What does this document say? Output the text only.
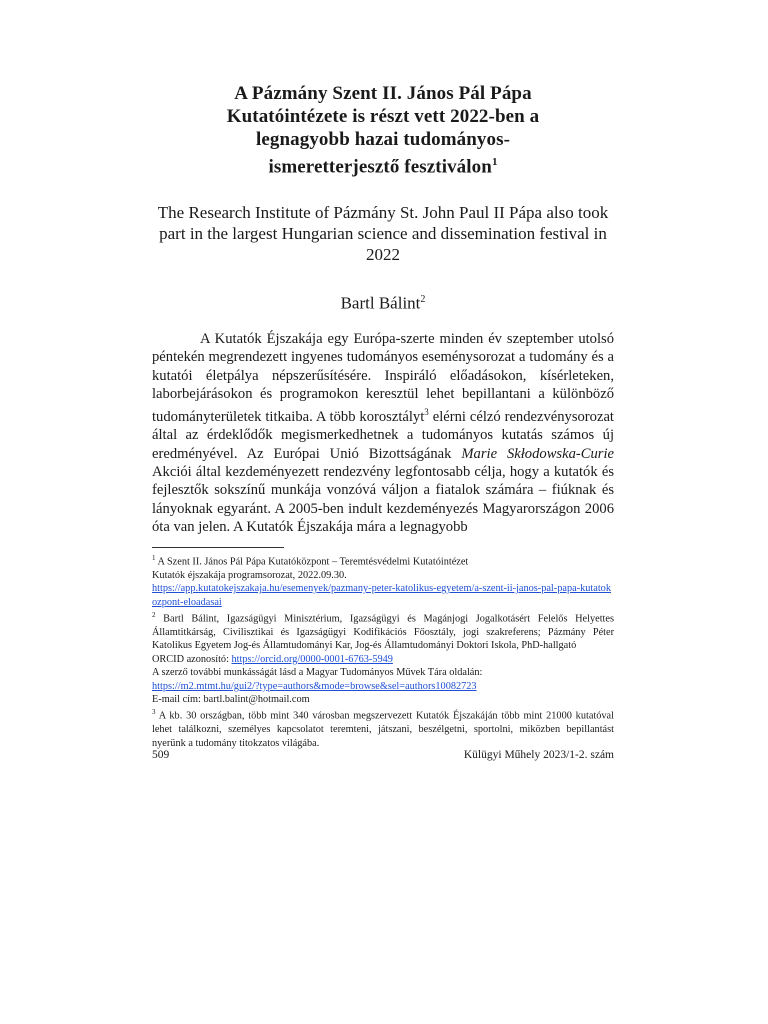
A Pázmány Szent II. János Pál Pápa
Kutatóintézete is részt vett 2022-ben a
legnagyobb hazai tudományos-
ismeretterjesztő fesztiválon$^1$
The Research Institute of Pázmány St. John Paul II Pápa also took part in the largest Hungarian science and dissemination festival in 2022
Bartl Bálint$^2$

A Kutatók Éjszakája egy Európa-szerte minden év szeptember utolsó péntekén megrendezett ingyenes tudományos eseménysorozat a tudomány és a kutatói életpálya népszerűsítésére. Inspiráló előadásokon, kísérleteken, laborbejárásokon és programokon keresztül lehet bepillantani a különböző tudományterületek titkaiba. A több korosztályt$^3$ elérni célzó rendezvénysorozat által az érdeklődők megismerkedhetnek a tudományos kutatás számos új eredményével. Az Európai Unió Bizottságának Marie Skłodowska-Curie Akciói által kezdeményezett rendezvény legfontosabb célja, hogy a kutatók és fejlesztők sokszínű munkája vonzóvá váljon a fiatalok számára – fiúknak és lányoknak egyaránt. A 2005-ben indult kezdeményezés Magyarországon 2006 óta van jelen. A Kutatók Éjszakája mára a legnagyobb

$^1$ A Szent II. János Pál Pápa Kutatóközpont – Teremtésvédelmi Kutatóintézet
Kutatók éjszakája programsorozat, 2022.09.30.
https://app.kutatokejszakaja.hu/esemenyek/pazmany-peter-katolikus-egyetem/a-szent-ii-janos-pal-papa-kutatokozpont-eloadasai
$^2$ Bartl Bálint, Igazságügyi Minisztérium, Igazságügyi és Magánjogi Jogalkotásért Felelős Helyettes Államtitkárság, Civilisztikai és Igazságügyi Kodifikációs Főosztály, jogi szakreferens; Pázmány Péter Katolikus Egyetem Jog-és Államtudományi Kar, Jog-és Államtudományi Doktori Iskola, PhD-hallgató
ORCID azonosító: https://orcid.org/0000-0001-6763-5949
A szerző további munkásságát lásd a Magyar Tudományos Művek Tára oldalán:
https://m2.mtmt.hu/gui2/?type=authors&mode=browse&sel=authors10082723
E-mail cím: bartl.balint@hotmail.com
$^3$ A kb. 30 országban, több mint 340 városban megszervezett Kutatók Éjszakáján több mint 21000 kutatóval lehet találkozni, személyes kapcsolatot teremteni, játszani, beszélgetni, sportolni, miközben bepillantást nyerünk a tudomány titokzatos világába.
509	Külügyi Műhely 2023/1-2. szám
